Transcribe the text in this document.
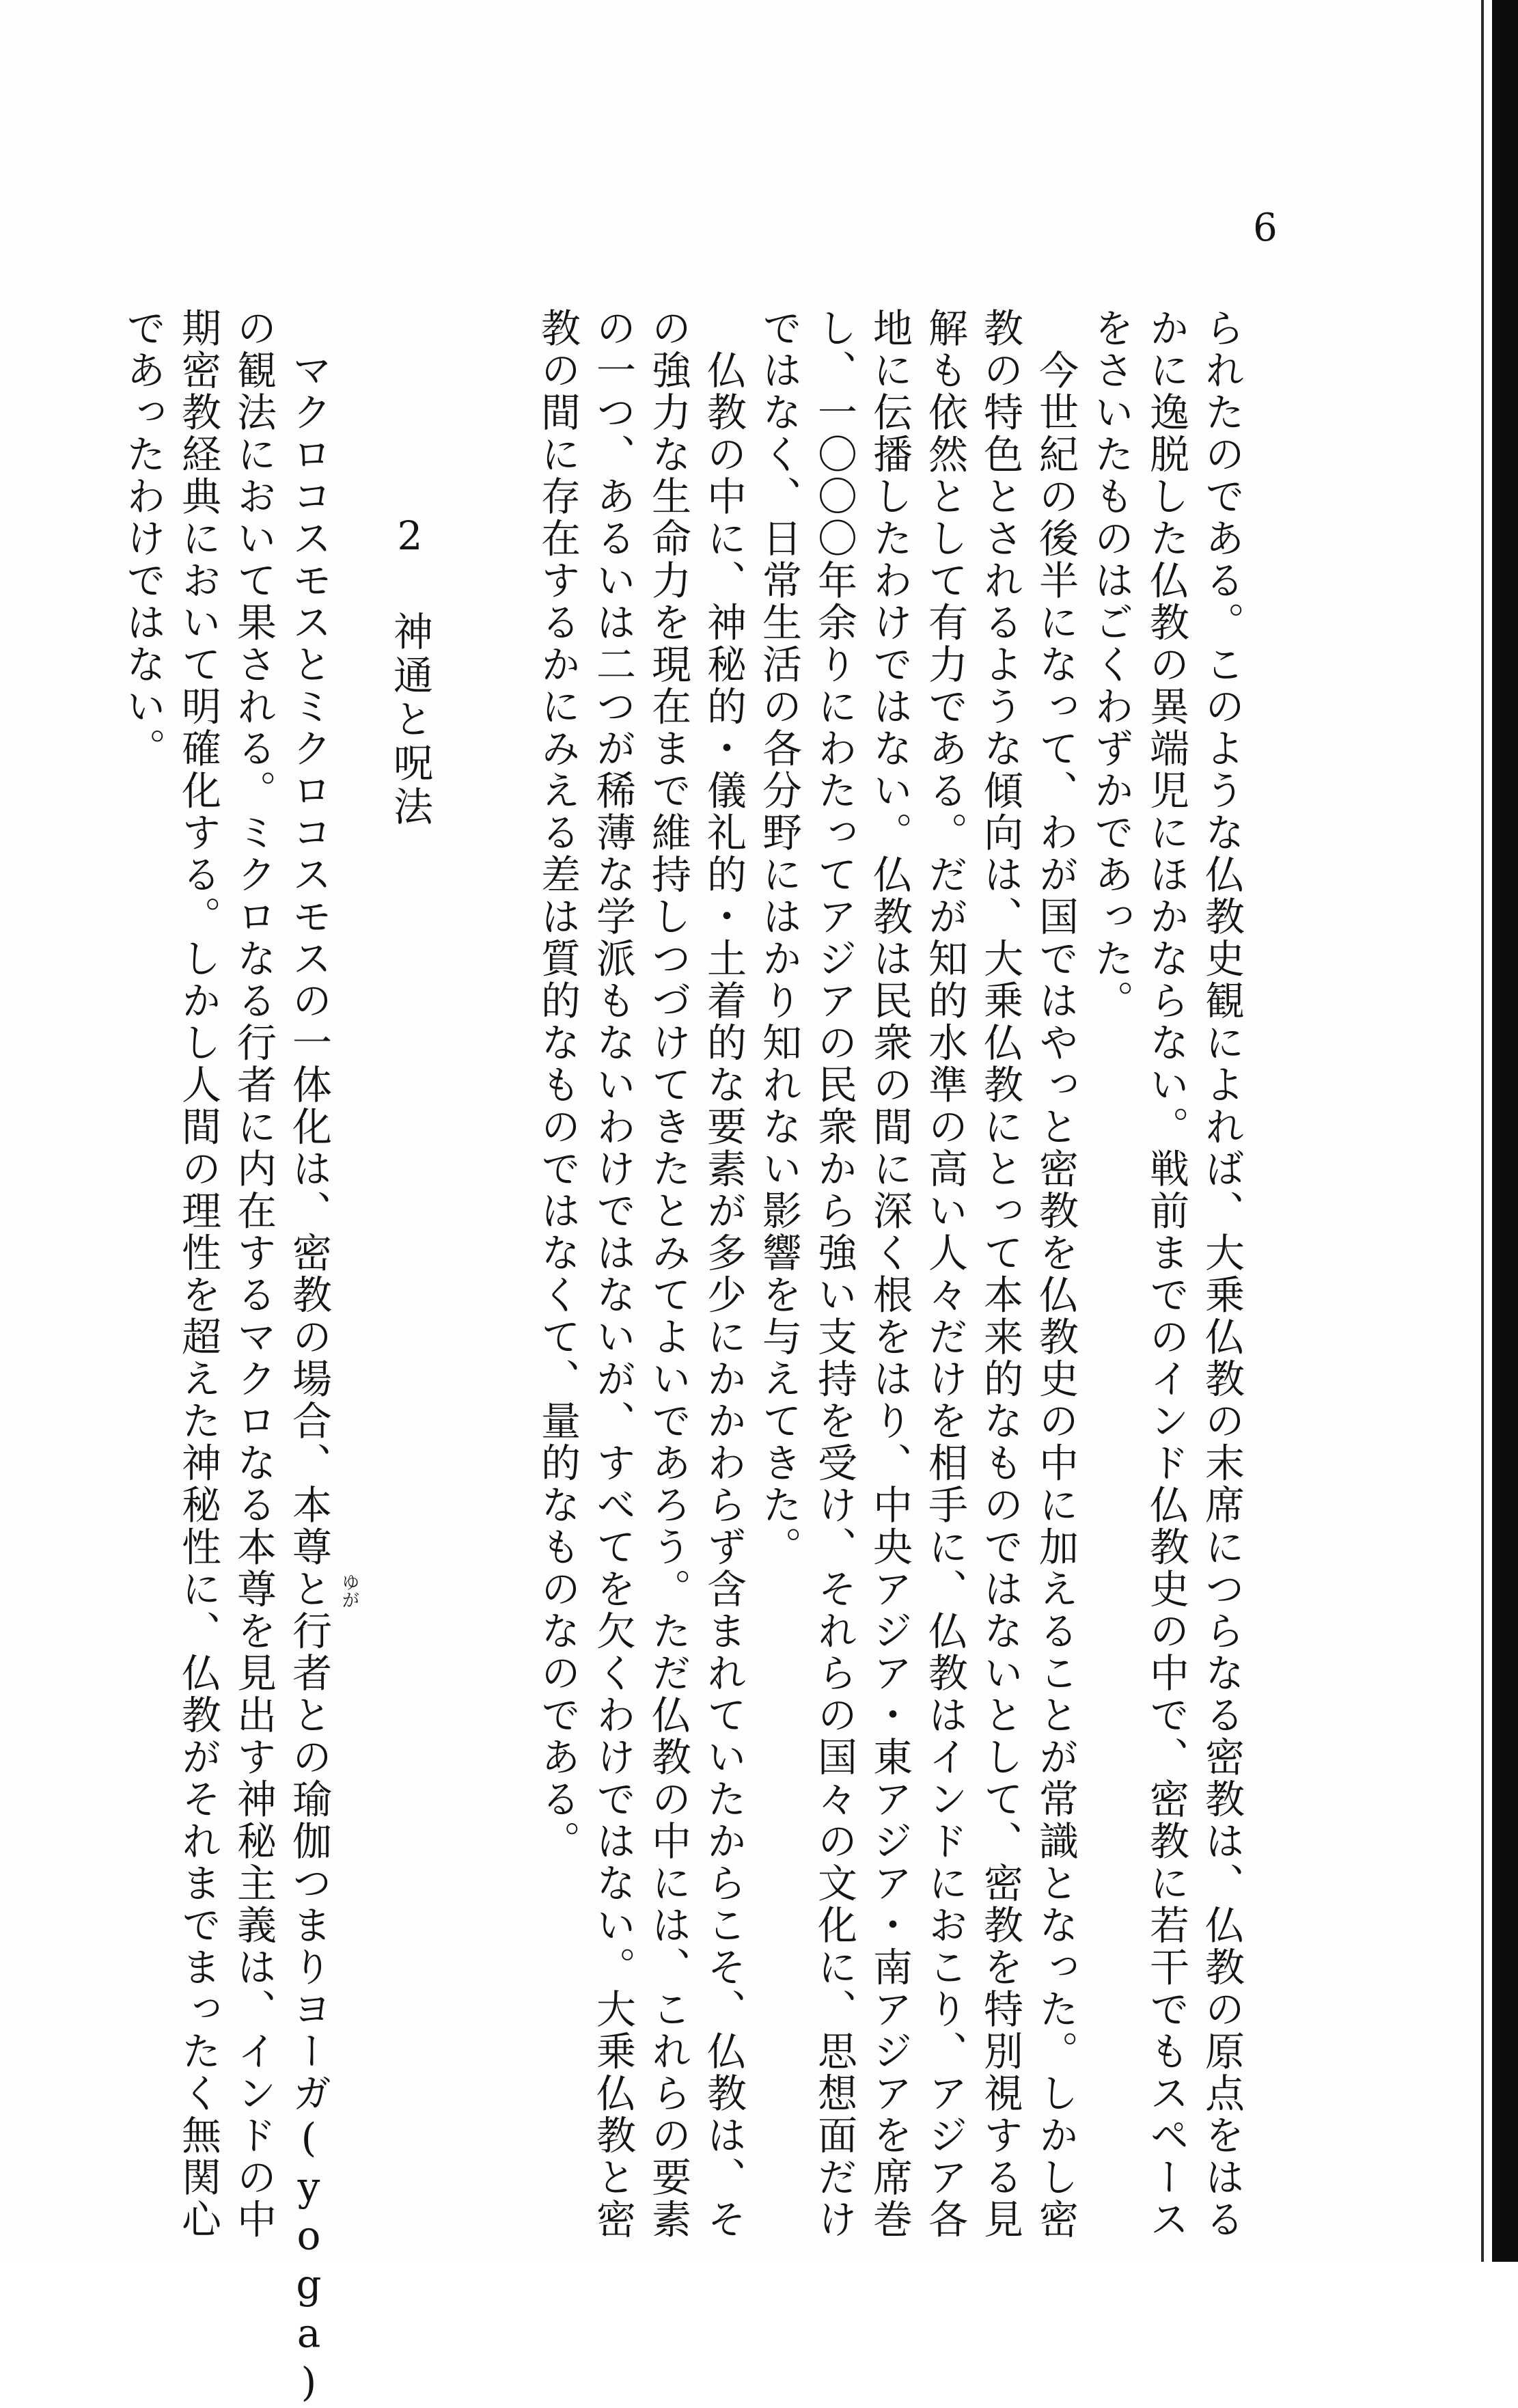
6
られたのである。このような仏教史観によれば、大乗仏教の末席につらなる密教は、仏教の原点をはる
かに逸脱した仏教の異端児にほかならない。戦前までのインド仏教史の中で、密教に若干でもスペース
をさいたものはごくわずかであった。
　今世紀の後半になって、わが国ではやっと密教を仏教史の中に加えることが常識となった。しかし密
教の特色とされるような傾向は、大乗仏教にとって本来的なものではないとして、密教を特別視する見
解も依然として有力である。だが知的水準の高い人々だけを相手に、仏教はインドにおこり、アジア各
地に伝播したわけではない。仏教は民衆の間に深く根をはり、中央アジア・東アジア・南アジアを席巻
し、一〇〇〇年余りにわたってアジアの民衆から強い支持を受け、それらの国々の文化に、思想面だけ
ではなく、日常生活の各分野にはかり知れない影響を与えてきた。
　仏教の中に、神秘的・儀礼的・土着的な要素が多少にかかわらず含まれていたからこそ、仏教は、そ
の強力な生命力を現在まで維持しつづけてきたとみてよいであろう。ただ仏教の中には、これらの要素
の一つ、あるいは二つが稀薄な学派もないわけではないが、すべてを欠くわけではない。大乗仏教と密
教の間に存在するかにみえる差は質的なものではなくて、量的なものなのである。
2神通と呪法
ゆが
　マクロコスモスとミクロコスモスの一体化は、密教の場合、本尊と行者との瑜伽つまりヨーガ(yoga)
の観法において果される。ミクロなる行者に内在するマクロなる本尊を見出す神秘主義は、インドの中
期密教経典において明確化する。しかし人間の理性を超えた神秘性に、仏教がそれまでまったく無関心
であったわけではない。
